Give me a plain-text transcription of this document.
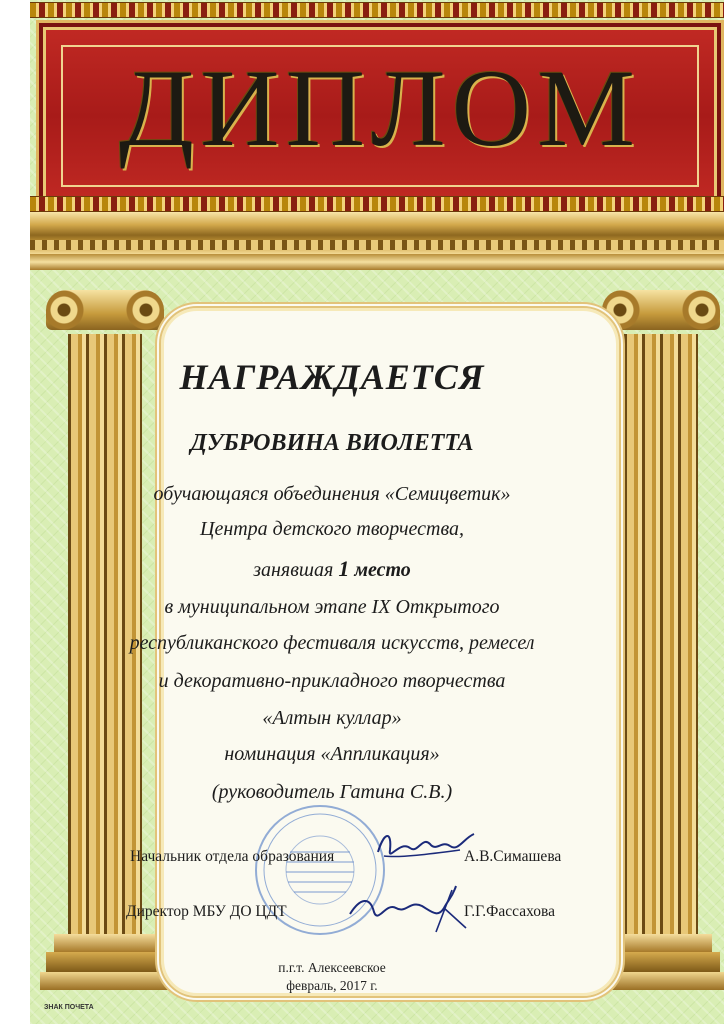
ДИПЛОМ
НАГРАЖДАЕТСЯ
ДУБРОВИНА ВИОЛЕТТА
обучающаяся объединения «Семицветик»
Центра детского творчества,
занявшая 1 место
в муниципальном этапе IX Открытого
республиканского фестиваля искусств, ремесел
и декоративно-прикладного творчества
«Алтын куллар»
номинация «Аппликация»
(руководитель Гатина С.В.)
Начальник отдела образования	А.В.Симашева
Директор МБУ ДО ЦДТ	Г.Г.Фассахова
п.г.т. Алексеевское
февраль, 2017 г.
ЗНАК ПОЧЕТА
